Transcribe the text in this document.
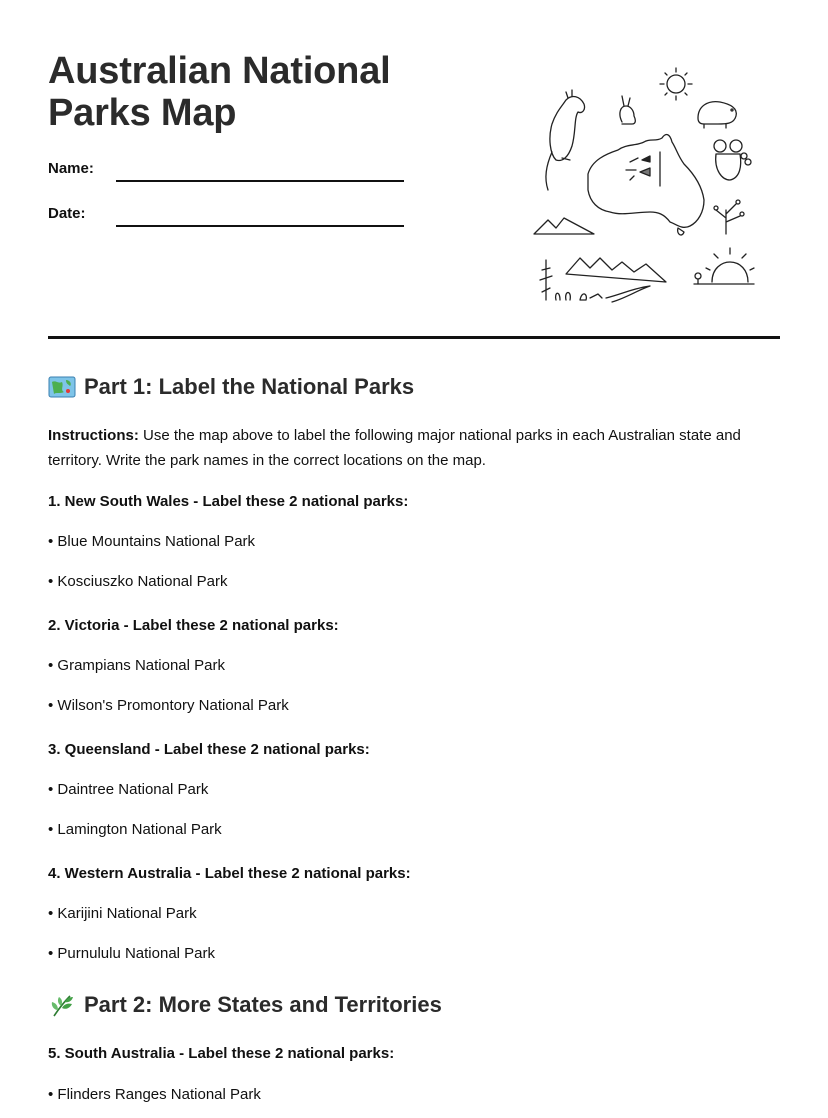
Australian National
Parks Map
Name:
Date:
Part 1: Label the National Parks
Instructions: Use the map above to label the following major national parks in each Australian state and territory. Write the park names in the correct locations on the map.
1. New South Wales - Label these 2 national parks:
• Blue Mountains National Park
• Kosciuszko National Park
2. Victoria - Label these 2 national parks:
• Grampians National Park
• Wilson's Promontory National Park
3. Queensland - Label these 2 national parks:
• Daintree National Park
• Lamington National Park
4. Western Australia - Label these 2 national parks:
• Karijini National Park
• Purnululu National Park
Part 2: More States and Territories
5. South Australia - Label these 2 national parks:
• Flinders Ranges National Park
